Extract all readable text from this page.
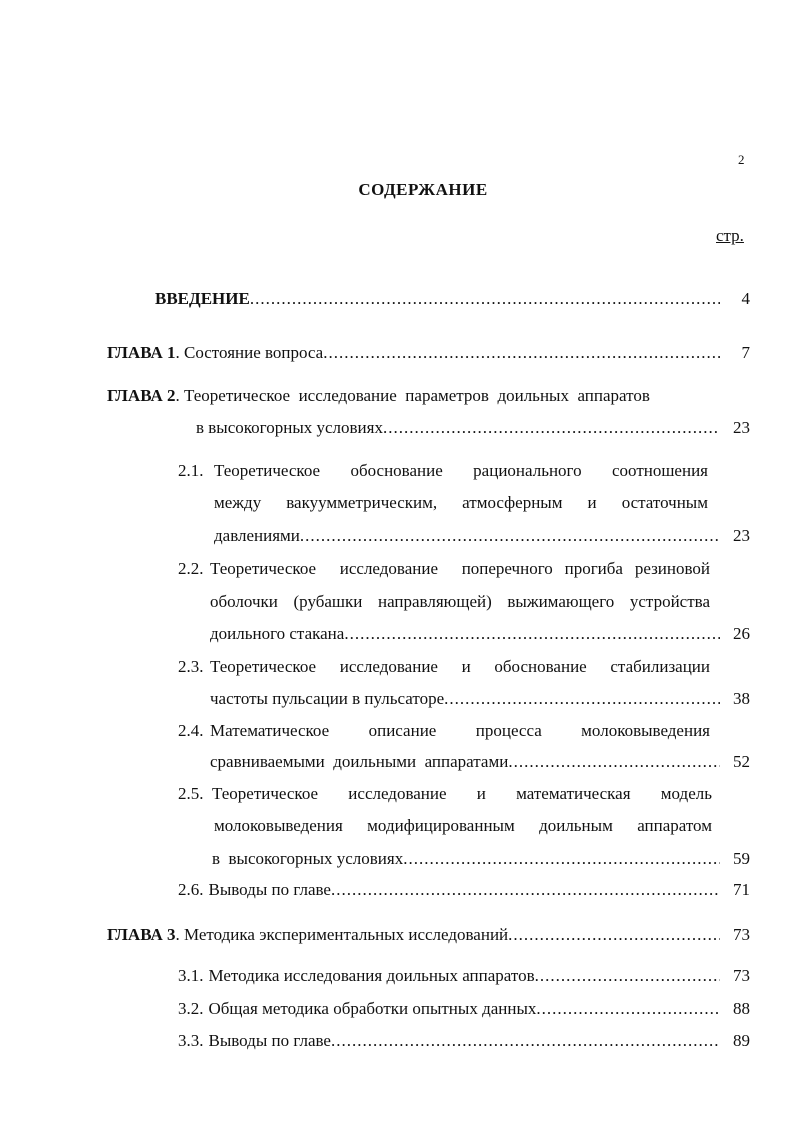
2
СОДЕРЖАНИЕ
стр.
ВВЕДЕНИЕ .....	4
ГЛАВА 1 . Состояние вопроса .....	7
ГЛАВА 2 . Теоретическое  исследование  параметров  доильных  аппаратов
в высокогорных условиях .....	23
2.1. Теоретическое   обоснование   рационального   соотношения
между  вакуумметрическим,  атмосферным  и  остаточным
давлениями .....	23
2.2. Теоретическое  исследование  поперечного прогиба резиновой
оболочки (рубашки направляющей) выжимающего устройства
доильного стакана .....	26
2.3. Теоретическое  исследование  и  обоснование  стабилизации
частоты пульсации в пульсаторе .....	38
2.4. Математическое     описание     процесса     молоковыведения
сравниваемыми  доильными  аппаратами .....	52
2.5. Теоретическое    исследование    и    математическая    модель
молоковыведения  модифицированным  доильным  аппаратом
в  высокогорных условиях .....	59
2.6. Выводы по главе .....	71
ГЛАВА 3 . Методика экспериментальных исследований .....	73
3.1. Методика исследования доильных аппаратов .....	73
3.2. Общая методика обработки опытных данных .....	88
3.3. Выводы по главе .....	89
